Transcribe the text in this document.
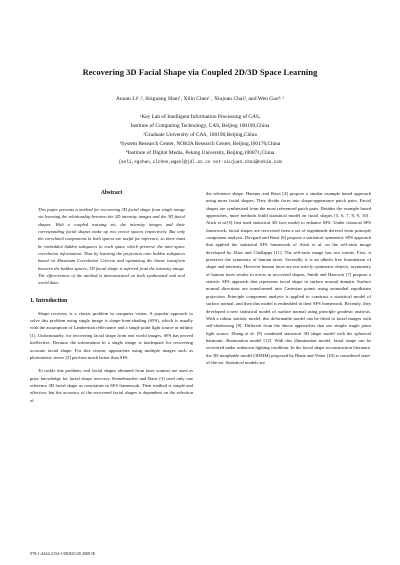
Recovering 3D Facial Shape via Coupled 2D/3D Space Learning
Annan Li¹˒², Shiguang Shan¹, Xilin Chen¹ , Xiujuan Chai³, and Wen Gao⁴˒¹
¹Key Lab of Intelligent Information Processing of CAS,
Institute of Computing Technology, CAS, Beijing 100190,China
²Graduate University of CAS, 100190,Beijing,China
³System Research Center, NOKIA Research Center, Beijing,100176,China
⁴Institute of Digital Media, Peking University, Beijing,100871,China
{anli,sgshan,xlchen,wgao}@jdl.ac.cn ext-xiujuan.chai@nokia.com

Abstract

This paper presents a method for recovering 3D facial shape from single image via learning the relationship between the 2D intensity images and the 3D facial shapes. With a coupled training set, the intensity images and their corresponding facial shapes make up two vector spaces respectively. But only the correlated components in both spaces are useful for inference, so there must be embedded hidden subspaces in each space which preserve the inter-space correlation information. Thus by learning the projection onto hidden subspaces based on Maximum Correlation Criteria and optimizing the linear transform between the hidden spaces, 3D facial shape is inferred from the intensity image. The effectiveness of the method is demonstrated on both synthesized and real world data.

1. Introduction

Shape recovery is a classic problem in computer vision. A popular approach to solve this problem using single image is shape-from-shading (SFS), which is usually with the assumption of Lambertian reflectance and a single point light source at infinity [1]. Unfortunately, for recovering facial shape from real world images, SFS has proved ineffective. Because the information in a single image is inadequate for recovering accurate facial shape. For this reason, approaches using multiple images such as photometric stereo [2] perform much better than SFS.

To tackle this problem, real facial shapes obtained from laser scanner are used as prior knowledge for facial shape recovery. Kemelmacher and Basri [3] used only one reference 3D facial shape as constraints in SFS framework. Their method is simple and effective, but the accuracy of the recovered facial shapes is dependent on the selection of

the reference shape. Hassner and Basri [4] propose a similar example based approach using more facial shapes. They divide faces into shape-appearance patch pairs. Facial shapes are synthesized from the most referenced patch pairs. Besides the example based approaches, more methods build statistical model on facial shapes [5, 6, 7, 8, 9, 10] . Atick et al.[5] first used statistical 3D face model to enhance SFS. Under classical SFS framework, facial shapes are recovered from a set of eigenheads derived from principle component analysis. Dovgard and Basri [6] propose a statistical symmetric SFS approach that applied the statistical SFS framework of Atick et al. on the self-ratio image developed by Zhao and Chellappa [11]. The self-ratio image has two merits. First, it preserves the symmetry of human faces. Secondly, it is an albedo free formulation of shape and intensity. However human faces are not strictly symmetric objects, asymmetry of human faces results in errors in recovered shapes. Smith and Hancock [7] propose a statistic SFS approach that represents facial shape in surface normal domain. Surface normal directions are transformed into Cartesian points using azimuthal equidistant projection. Principle component analysis is applied to construct a statistical model of surface normal, and then this model is embedded in their SFS framework. Recently, they developed a new statistical model of surface normal using principle geodesic analysis. With a robust statistic model, this deformable model can be fitted to facial images with self-shadowing [8]. Different from the above approaches that use simple single point light source, Zhang et al. [9] combined statistical 3D shape model with the spherical harmonic illumination model [12]. With this illumination model, facial shape can be recovered under unknown lighting condition. In the facial shape reconstruction literature, the 3D morphable model (3DMM) proposed by Blanz and Vetter [10] is considered state-of-the-art. Statistical models are

978-1-4244-2154-1/08/$25.00 2008 IE
